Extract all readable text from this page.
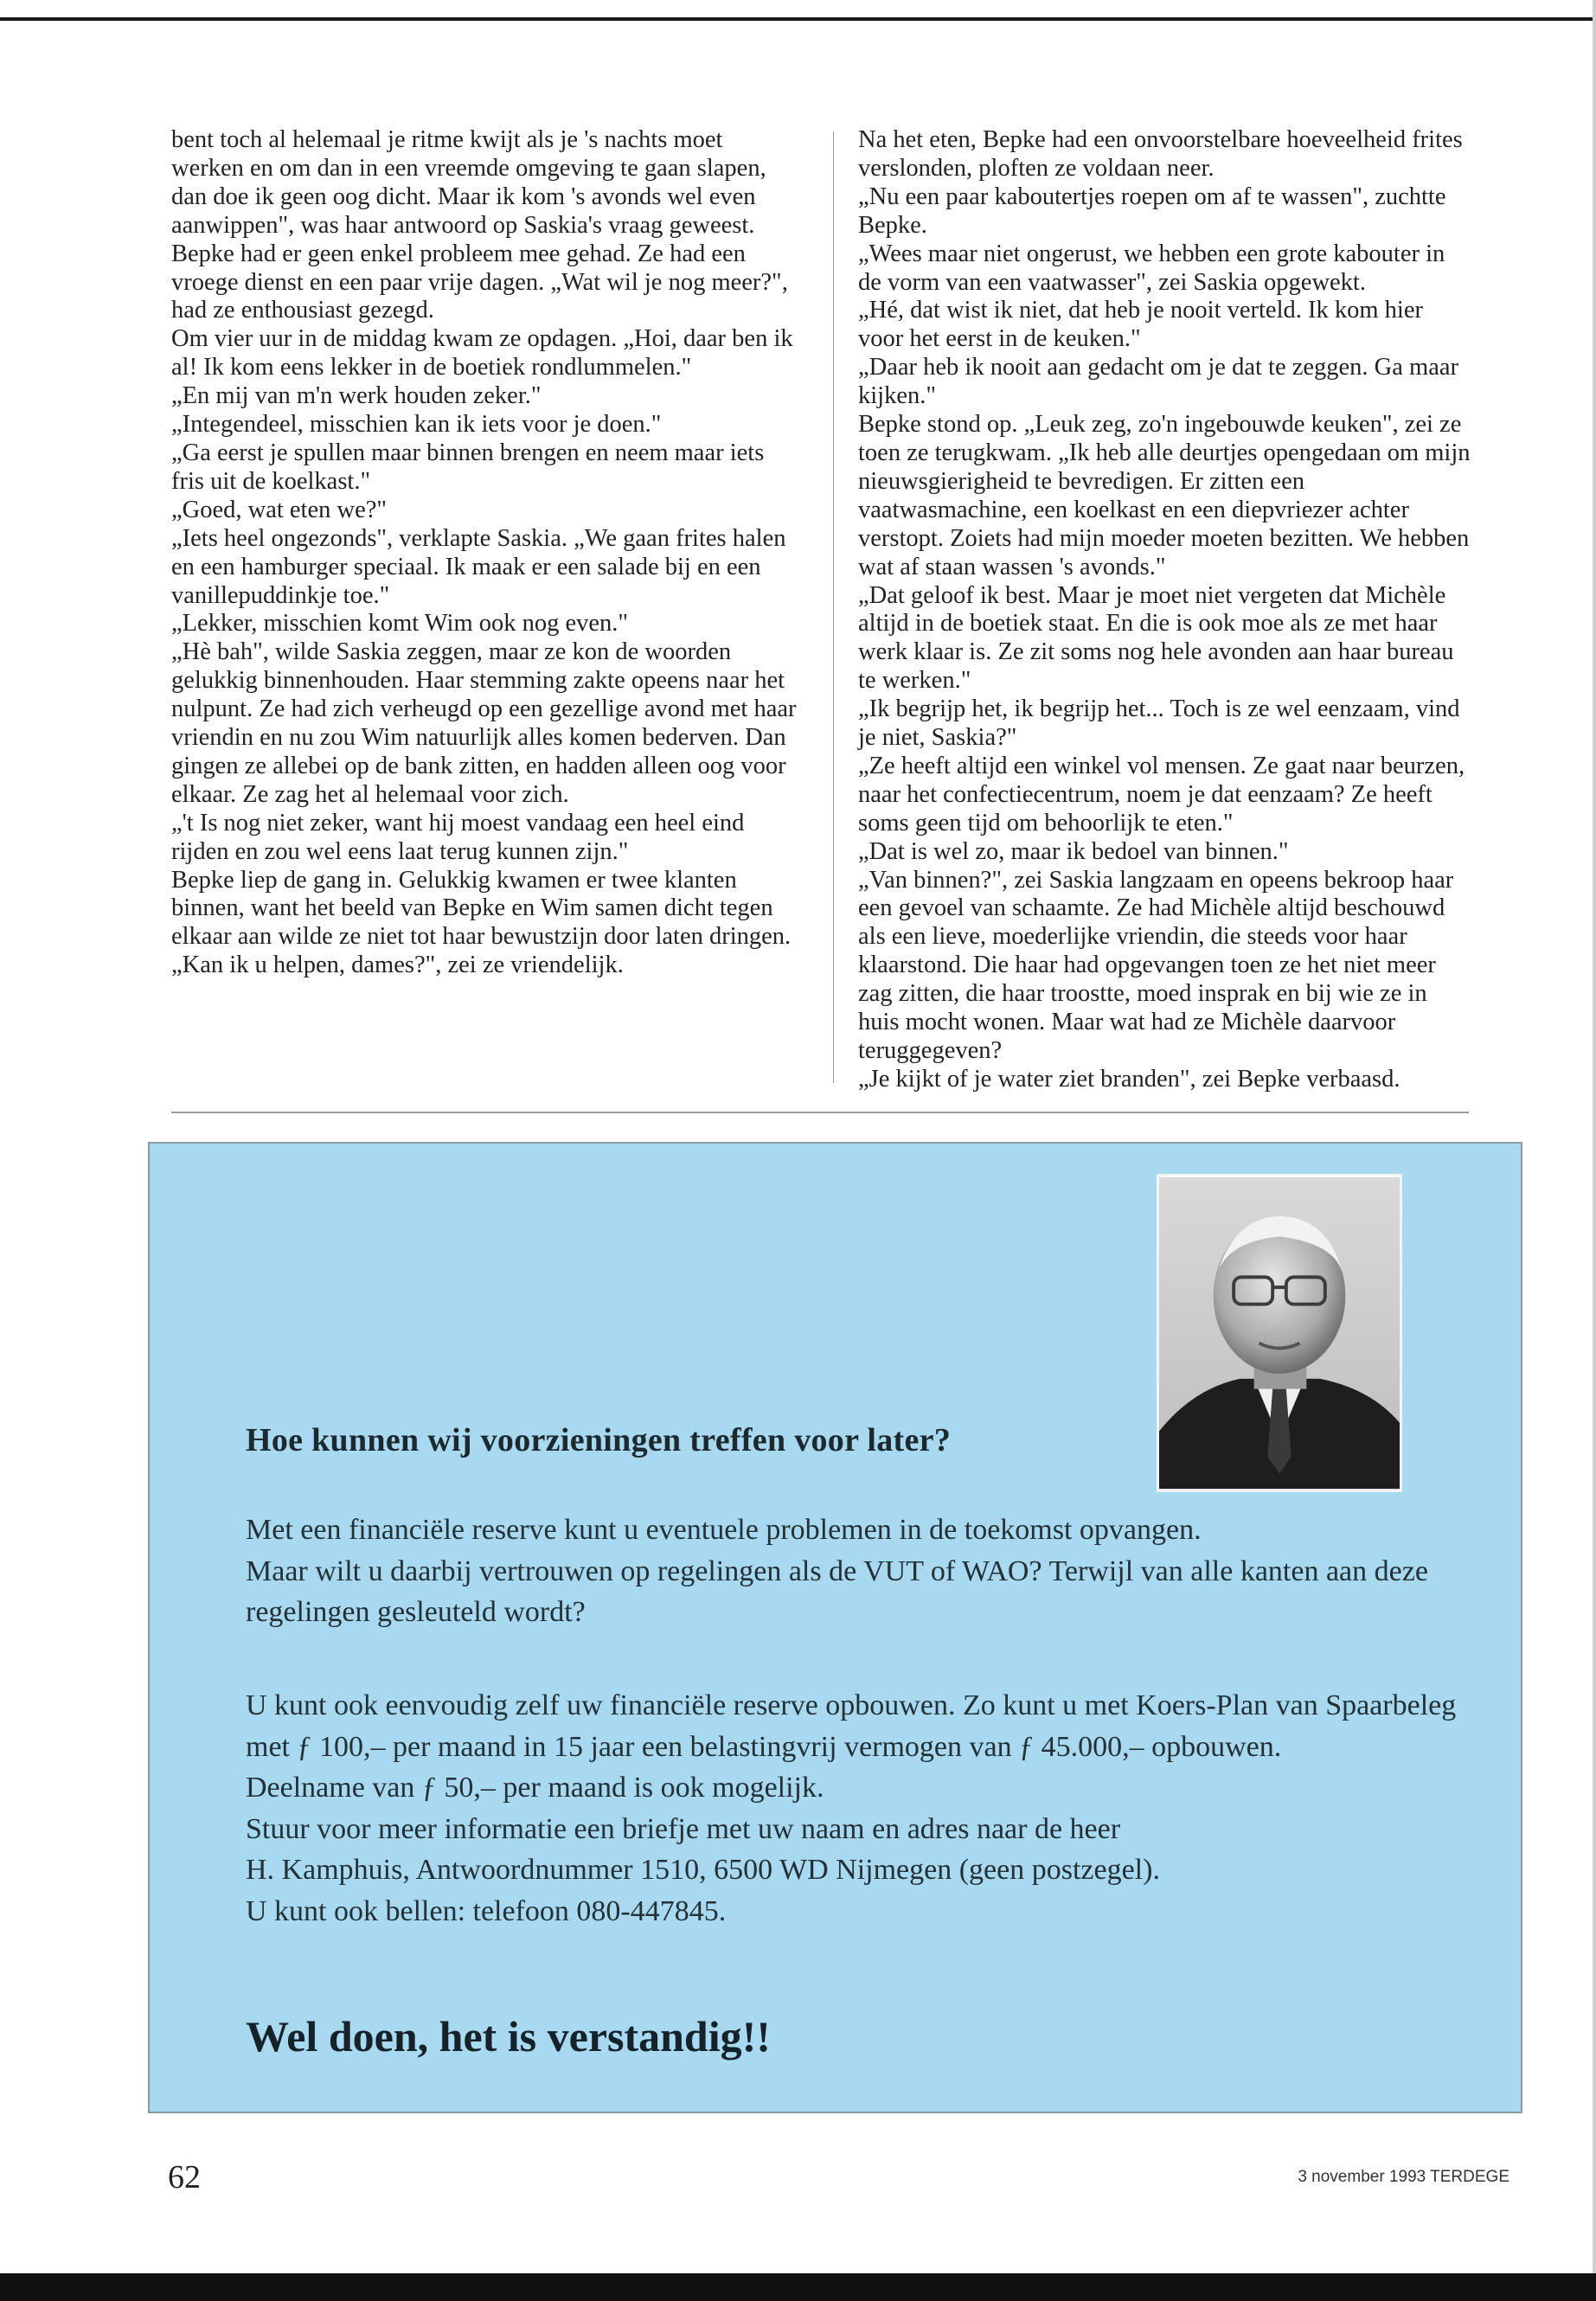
bent toch al helemaal je ritme kwijt als je 's nachts moet werken en om dan in een vreemde omgeving te gaan slapen, dan doe ik geen oog dicht. Maar ik kom 's avonds wel even aanwippen", was haar antwoord op Saskia's vraag geweest.

Bepke had er geen enkel probleem mee gehad. Ze had een vroege dienst en een paar vrije dagen. „Wat wil je nog meer?", had ze enthousiast gezegd.

Om vier uur in de middag kwam ze opdagen. „Hoi, daar ben ik al! Ik kom eens lekker in de boetiek rondlummelen."

„En mij van m'n werk houden zeker."

„Integendeel, misschien kan ik iets voor je doen."

„Ga eerst je spullen maar binnen brengen en neem maar iets fris uit de koelkast."

„Goed, wat eten we?"

„Iets heel ongezonds", verklapte Saskia. „We gaan frites halen en een hamburger speciaal. Ik maak er een salade bij en een vanillepuddinkje toe."

„Lekker, misschien komt Wim ook nog even."

„Hè bah", wilde Saskia zeggen, maar ze kon de woorden gelukkig binnenhouden. Haar stemming zakte opeens naar het nulpunt. Ze had zich verheugd op een gezellige avond met haar vriendin en nu zou Wim natuurlijk alles komen bederven. Dan gingen ze allebei op de bank zitten, en hadden alleen oog voor elkaar. Ze zag het al helemaal voor zich.

„'t Is nog niet zeker, want hij moest vandaag een heel eind rijden en zou wel eens laat terug kunnen zijn."

Bepke liep de gang in. Gelukkig kwamen er twee klanten binnen, want het beeld van Bepke en Wim samen dicht tegen elkaar aan wilde ze niet tot haar bewustzijn door laten dringen.

„Kan ik u helpen, dames?", zei ze vriendelijk.

Na het eten, Bepke had een onvoorstelbare hoeveelheid frites verslonden, ploften ze voldaan neer.

„Nu een paar kaboutertjes roepen om af te wassen", zuchtte Bepke.

„Wees maar niet ongerust, we hebben een grote kabouter in de vorm van een vaatwasser", zei Saskia opgewekt.

„Hé, dat wist ik niet, dat heb je nooit verteld. Ik kom hier voor het eerst in de keuken."

„Daar heb ik nooit aan gedacht om je dat te zeggen. Ga maar kijken."

Bepke stond op. „Leuk zeg, zo'n ingebouwde keuken", zei ze toen ze terugkwam. „Ik heb alle deurtjes opengedaan om mijn nieuwsgierigheid te bevredigen. Er zitten een vaatwasmachine, een koelkast en een diepvriezer achter verstopt. Zoiets had mijn moeder moeten bezitten. We hebben wat af staan wassen 's avonds."

„Dat geloof ik best. Maar je moet niet vergeten dat Michèle altijd in de boetiek staat. En die is ook moe als ze met haar werk klaar is. Ze zit soms nog hele avonden aan haar bureau te werken."

„Ik begrijp het, ik begrijp het... Toch is ze wel eenzaam, vind je niet, Saskia?"

„Ze heeft altijd een winkel vol mensen. Ze gaat naar beurzen, naar het confectiecentrum, noem je dat eenzaam? Ze heeft soms geen tijd om behoorlijk te eten."

„Dat is wel zo, maar ik bedoel van binnen."

„Van binnen?", zei Saskia langzaam en opeens bekroop haar een gevoel van schaamte. Ze had Michèle altijd beschouwd als een lieve, moederlijke vriendin, die steeds voor haar klaarstond. Die haar had opgevangen toen ze het niet meer zag zitten, die haar troostte, moed insprak en bij wie ze in huis mocht wonen. Maar wat had ze Michèle daarvoor teruggegeven?

„Je kijkt of je water ziet branden", zei Bepke verbaasd.

Hoe kunnen wij voorzieningen treffen voor later?

Met een financiële reserve kunt u eventuele problemen in de toekomst opvangen.

Maar wilt u daarbij vertrouwen op regelingen als de VUT of WAO? Terwijl van alle kanten aan deze regelingen gesleuteld wordt?

U kunt ook eenvoudig zelf uw financiële reserve opbouwen. Zo kunt u met Koers-Plan van Spaarbeleg met ƒ 100,– per maand in 15 jaar een belastingvrij vermogen van ƒ 45.000,– opbouwen.

Deelname van ƒ 50,– per maand is ook mogelijk.

Stuur voor meer informatie een briefje met uw naam en adres naar de heer

H. Kamphuis, Antwoordnummer 1510, 6500 WD Nijmegen (geen postzegel).

U kunt ook bellen: telefoon 080-447845.

Wel doen, het is verstandig!!
62	3 november 1993 TERDEGE
